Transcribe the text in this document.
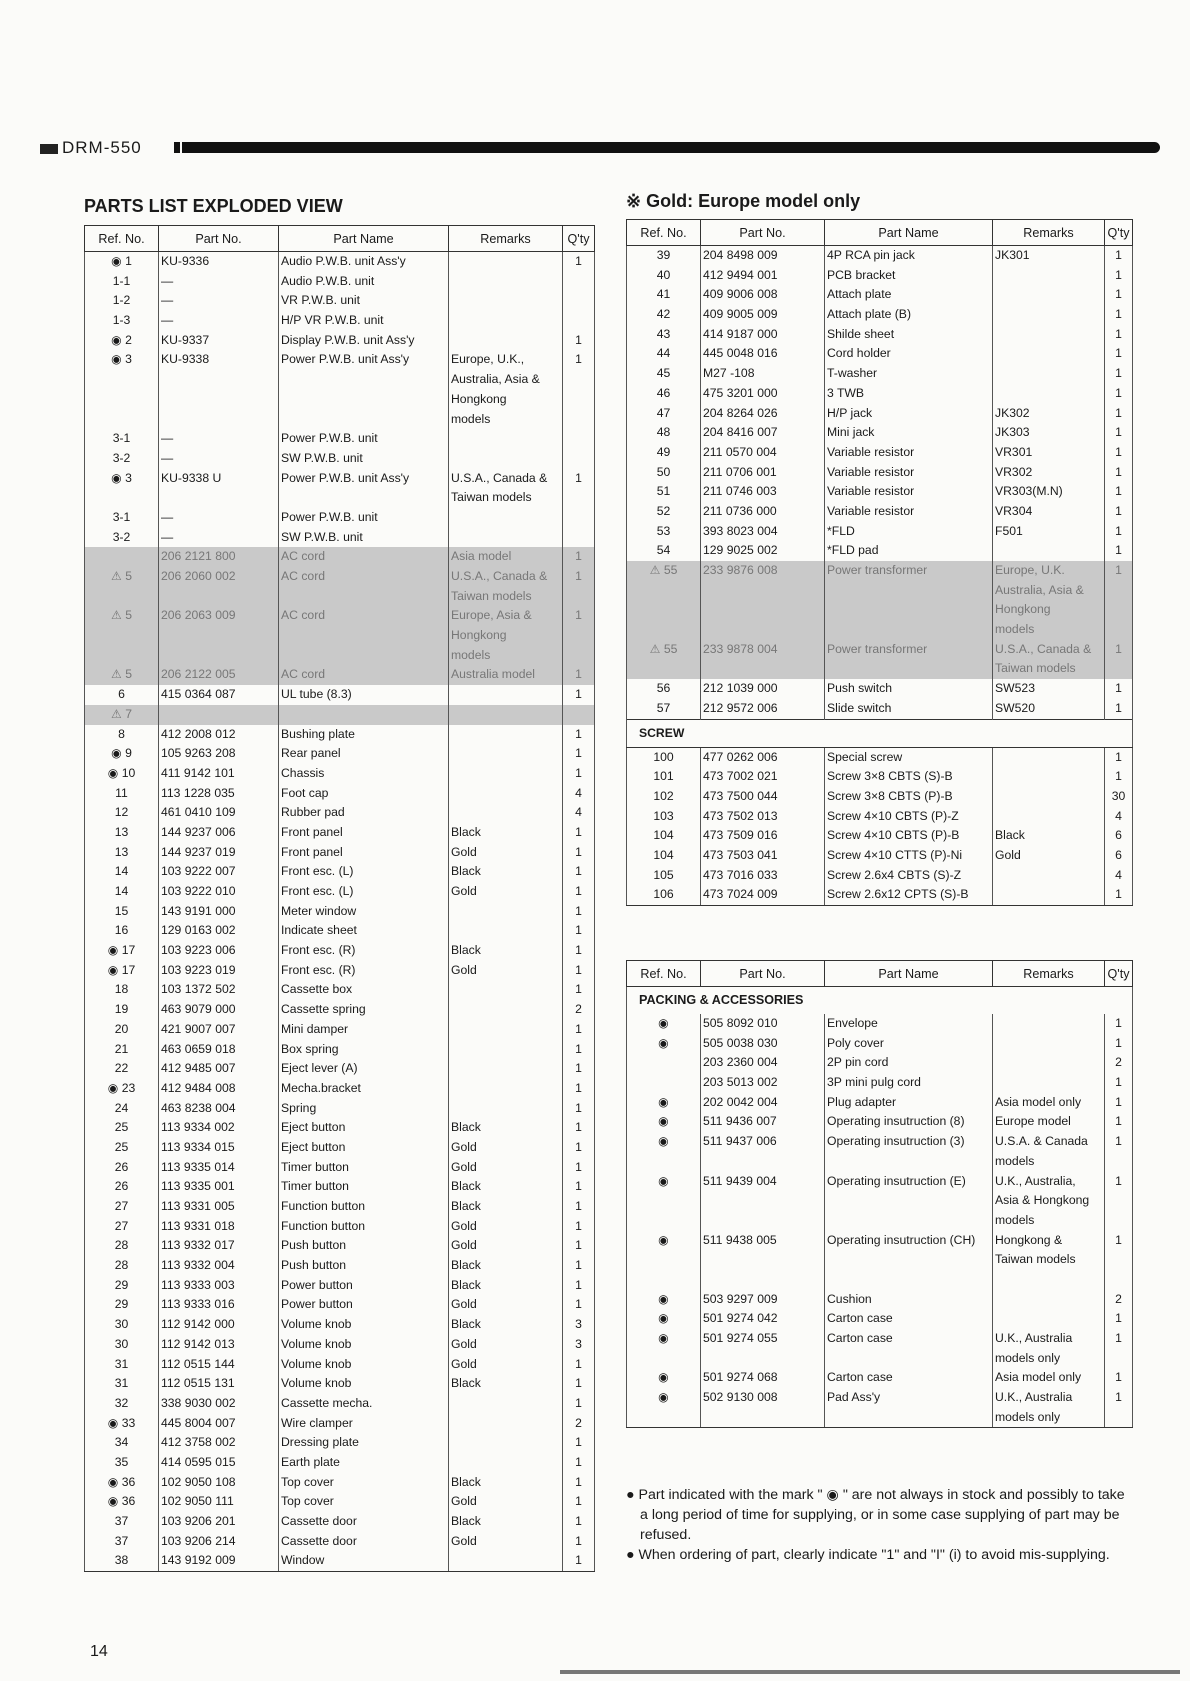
DRM-550
PARTS LIST EXPLODED VIEW	※ Gold: Europe model only
Ref. No.	Part No.	Part Name	Remarks	Q'ty
◉ 1	KU-9336	Audio P.W.B. unit Ass'y		1
1-1	—	Audio P.W.B. unit		
1-2	—	VR P.W.B. unit		
1-3	—	H/P VR P.W.B. unit		
◉ 2	KU-9337	Display P.W.B. unit Ass'y		1
◉ 3	KU-9338	Power P.W.B. unit Ass'y	Europe, U.K.,	1
			Australia, Asia &	
			Hongkong	
			models	
3-1	—	Power P.W.B. unit		
3-2	—	SW P.W.B. unit		
◉ 3	KU-9338 U	Power P.W.B. unit Ass'y	U.S.A., Canada &	1
			Taiwan models	
3-1	—	Power P.W.B. unit		
3-2	—	SW P.W.B. unit		
	206 2121 800	AC cord	Asia model	1
⚠ 5	206 2060 002	AC cord	U.S.A., Canada &	1
			Taiwan models	
⚠ 5	206 2063 009	AC cord	Europe, Asia &	1
			Hongkong	
			models	
⚠ 5	206 2122 005	AC cord	Australia model	1
6	415 0364 087	UL tube (8.3)		1
⚠ 7				
8	412 2008 012	Bushing plate		1
◉ 9	105 9263 208	Rear panel		1
◉ 10	411 9142 101	Chassis		1
11	113 1228 035	Foot cap		4
12	461 0410 109	Rubber pad		4
13	144 9237 006	Front panel	Black	1
13	144 9237 019	Front panel	Gold	1
14	103 9222 007	Front esc. (L)	Black	1
14	103 9222 010	Front esc. (L)	Gold	1
15	143 9191 000	Meter window		1
16	129 0163 002	Indicate sheet		1
◉ 17	103 9223 006	Front esc. (R)	Black	1
◉ 17	103 9223 019	Front esc. (R)	Gold	1
18	103 1372 502	Cassette box		1
19	463 9079 000	Cassette spring		2
20	421 9007 007	Mini damper		1
21	463 0659 018	Box spring		1
22	412 9485 007	Eject lever (A)		1
◉ 23	412 9484 008	Mecha.bracket		1
24	463 8238 004	Spring		1
25	113 9334 002	Eject button	Black	1
25	113 9334 015	Eject button	Gold	1
26	113 9335 014	Timer button	Gold	1
26	113 9335 001	Timer button	Black	1
27	113 9331 005	Function button	Black	1
27	113 9331 018	Function button	Gold	1
28	113 9332 017	Push button	Gold	1
28	113 9332 004	Push button	Black	1
29	113 9333 003	Power button	Black	1
29	113 9333 016	Power button	Gold	1
30	112 9142 000	Volume knob	Black	3
30	112 9142 013	Volume knob	Gold	3
31	112 0515 144	Volume knob	Gold	1
31	112 0515 131	Volume knob	Black	1
32	338 9030 002	Cassette mecha.		1
◉ 33	445 8004 007	Wire clamper		2
34	412 3758 002	Dressing plate		1
35	414 0595 015	Earth plate		1
◉ 36	102 9050 108	Top cover	Black	1
◉ 36	102 9050 111	Top cover	Gold	1
37	103 9206 201	Cassette door	Black	1
37	103 9206 214	Cassette door	Gold	1
38	143 9192 009	Window		1
Ref. No.	Part No.	Part Name	Remarks	Q'ty
39	204 8498 009	4P RCA pin jack	JK301	1
40	412 9494 001	PCB bracket		1
41	409 9006 008	Attach plate		1
42	409 9005 009	Attach plate (B)		1
43	414 9187 000	Shilde sheet		1
44	445 0048 016	Cord holder		1
45	M27 -108	T-washer		1
46	475 3201 000	3 TWB		1
47	204 8264 026	H/P jack	JK302	1
48	204 8416 007	Mini jack	JK303	1
49	211 0570 004	Variable resistor	VR301	1
50	211 0706 001	Variable resistor	VR302	1
51	211 0746 003	Variable resistor	VR303(M.N)	1
52	211 0736 000	Variable resistor	VR304	1
53	393 8023 004	*FLD	F501	1
54	129 9025 002	*FLD pad		1
⚠ 55	233 9876 008	Power transformer	Europe, U.K.	1
			Australia, Asia &	
			Hongkong	
			models	
⚠ 55	233 9878 004	Power transformer	U.S.A., Canada &	1
			Taiwan models	
56	212 1039 000	Push switch	SW523	1
57	212 9572 006	Slide switch	SW520	1
SCREW				
100	477 0262 006	Special screw		1
101	473 7002 021	Screw 3×8 CBTS (S)-B		1
102	473 7500 044	Screw 3×8 CBTS (P)-B		30
103	473 7502 013	Screw 4×10 CBTS (P)-Z		4
104	473 7509 016	Screw 4×10 CBTS (P)-B	Black	6
104	473 7503 041	Screw 4×10 CTTS (P)-Ni	Gold	6
105	473 7016 033	Screw 2.6x4 CBTS (S)-Z		4
106	473 7024 009	Screw 2.6x12 CPTS (S)-B		1
Ref. No.	Part No.	Part Name	Remarks	Q'ty
PACKING & ACCESSORIES				
◉	505 8092 010	Envelope		1
◉	505 0038 030	Poly cover		1
	203 2360 004	2P pin cord		2
	203 5013 002	3P mini pulg cord		1
◉	202 0042 004	Plug adapter	Asia model only	1
◉	511 9436 007	Operating insutruction (8)	Europe model	1
◉	511 9437 006	Operating insutruction (3)	U.S.A. & Canada	1
			models	
◉	511 9439 004	Operating insutruction (E)	U.K., Australia,	1
			Asia & Hongkong	
			models	
◉	511 9438 005	Operating insutruction (CH)	Hongkong &	1
			Taiwan models	

◉	503 9297 009	Cushion		2
◉	501 9274 042	Carton case		1
◉	501 9274 055	Carton case	U.K., Australia	1
			models only	
◉	501 9274 068	Carton case	Asia model only	1
◉	502 9130 008	Pad Ass'y	U.K., Australia	1
			models only	

● Part indicated with the mark " ◉ " are not always in stock and possibly to take a long period of time for supplying, or in some case supplying of part may be refused.

● When ordering of part, clearly indicate "1" and "I" (i) to avoid mis-supplying.

14
